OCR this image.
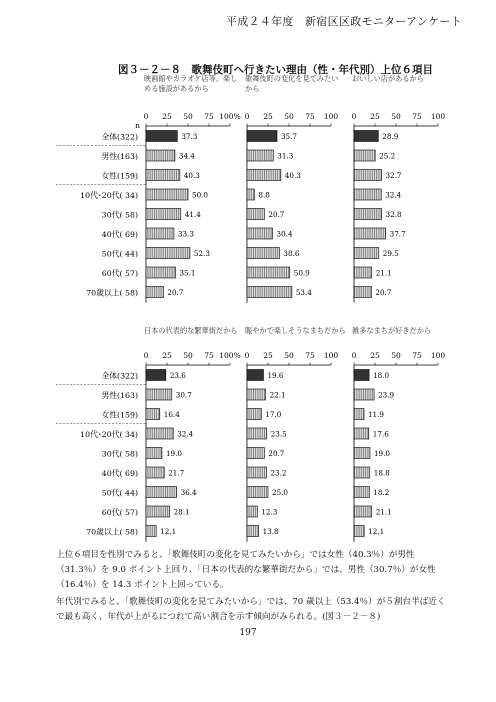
平成２４年度　新宿区区政モニターアンケート
図３－２－８　歌舞伎町へ行きたい理由（性・年代別）上位６項目
全体(322)
男性(163)
女性(159)
10代･20代( 34)
30代( 58)
40代( 69)
50代( 44)
60代( 57)
70歳以上( 58)
n
映画館やカラオケ店等、楽し
める施設があるから
0 25 50 75 100%
37.3
34.4
40.3
50.0
41.4
33.3
52.3
35.1
20.7
歌舞伎町の変化を見てみたい
から
0 25 50 75 100
35.7
31.3
40.3
8.8
20.7
30.4
38.6
50.9
53.4
おいしい店があるから
0 25 50 75 100
28.9
25.2
32.7
32.4
32.8
37.7
29.5
21.1
20.7
全体(322)
男性(163)
女性(159)
10代･20代( 34)
30代( 58)
40代( 69)
50代( 44)
60代( 57)
70歳以上( 58)
日本の代表的な繁華街だから
0 25 50 75 100%
23.6
30.7
16.4
32.4
19.0
21.7
36.4
28.1
12.1
賑やかで楽しそうなまちだから
0 25 50 75 100
19.6
22.1
17.0
23.5
20.7
23.2
25.0
12.3
13.8
雑多なまちが好きだから
0 25 50 75 100
18.0
23.9
11.9
17.6
19.0
18.8
18.2
21.1
12.1
上位６項目を性別でみると、「歌舞伎町の変化を見てみたいから」では女性（40.3％）が男性（31.3％）を 9.0 ポイント上回り、「日本の代表的な繁華街だから」では、男性（30.7％）が女性（16.4％）を 14.3 ポイント上回っている。
年代別でみると、「歌舞伎町の変化を見てみたいから」では、70 歳以上（53.4％）が５割台半ば近くで最も高く、年代が上がるにつれて高い割合を示す傾向がみられる。(図３－２－８)
197
